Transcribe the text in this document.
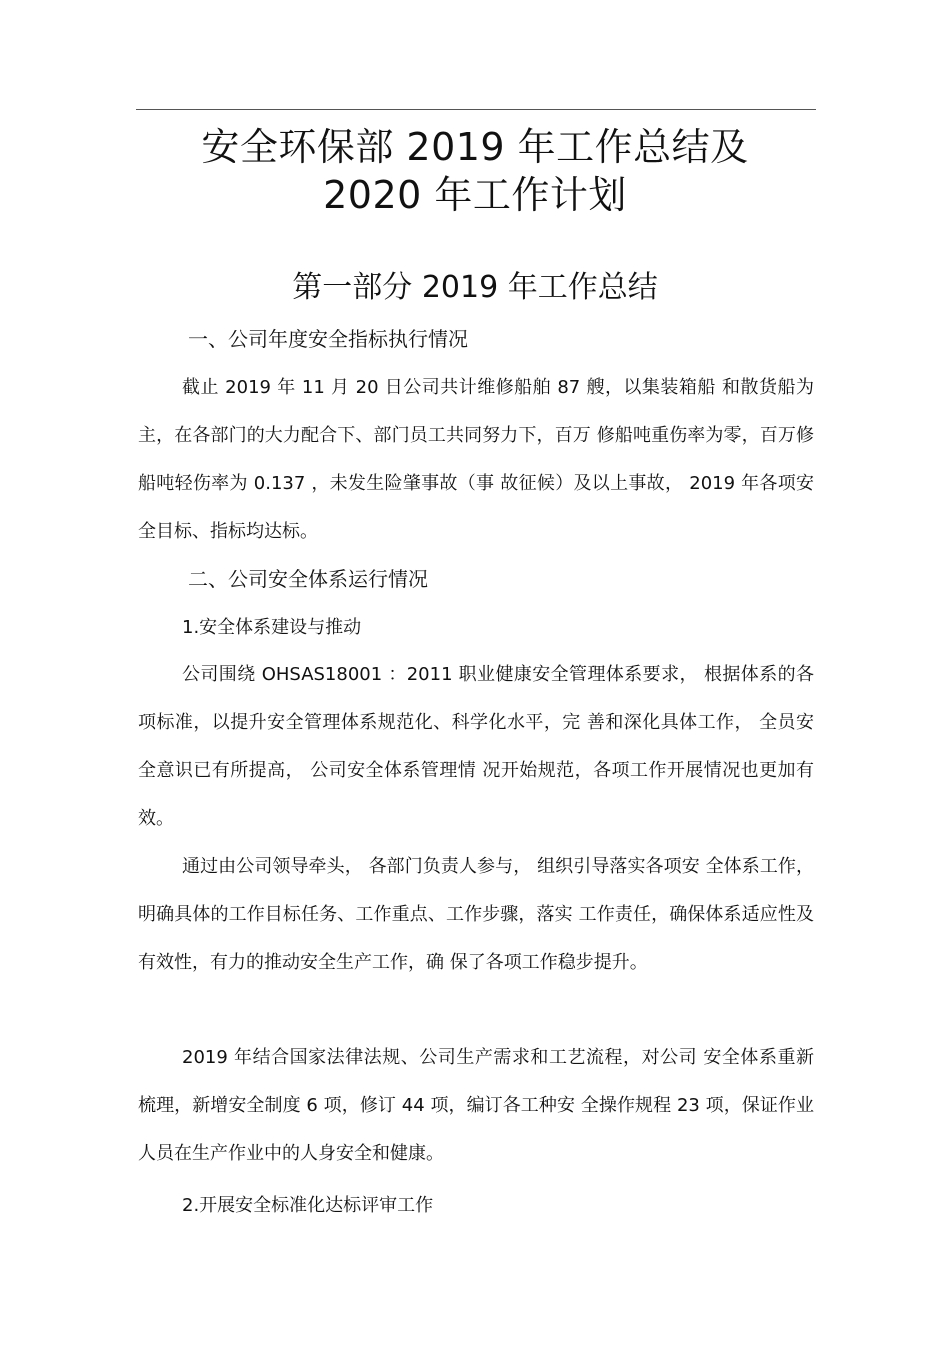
安全环保部 2019 年工作总结及
2020 年工作计划
第一部分 2019 年工作总结
一、公司年度安全指标执行情况

截止 2019 年 11 月 20 日公司共计维修船舶 87 艘，以集装箱船 和散货船为主，在各部门的大力配合下、部门员工共同努力下，百万 修船吨重伤率为零，百万修船吨轻伤率为 0.137 ，未发生险肇事故（事 故征候）及以上事故， 2019 年各项安全目标、指标均达标。

二、公司安全体系运行情况
1.安全体系建设与推动

公司围绕 OHSAS18001 ：2011 职业健康安全管理体系要求， 根据体系的各项标准，以提升安全管理体系规范化、科学化水平，完 善和深化具体工作， 全员安全意识已有所提高， 公司安全体系管理情 况开始规范，各项工作开展情况也更加有效。

通过由公司领导牵头， 各部门负责人参与， 组织引导落实各项安 全体系工作，明确具体的工作目标任务、工作重点、工作步骤，落实 工作责任，确保体系适应性及有效性，有力的推动安全生产工作，确 保了各项工作稳步提升。

2019 年结合国家法律法规、公司生产需求和工艺流程，对公司 安全体系重新梳理，新增安全制度 6 项，修订 44 项，编订各工种安 全操作规程 23 项，保证作业人员在生产作业中的人身安全和健康。

2.开展安全标准化达标评审工作
